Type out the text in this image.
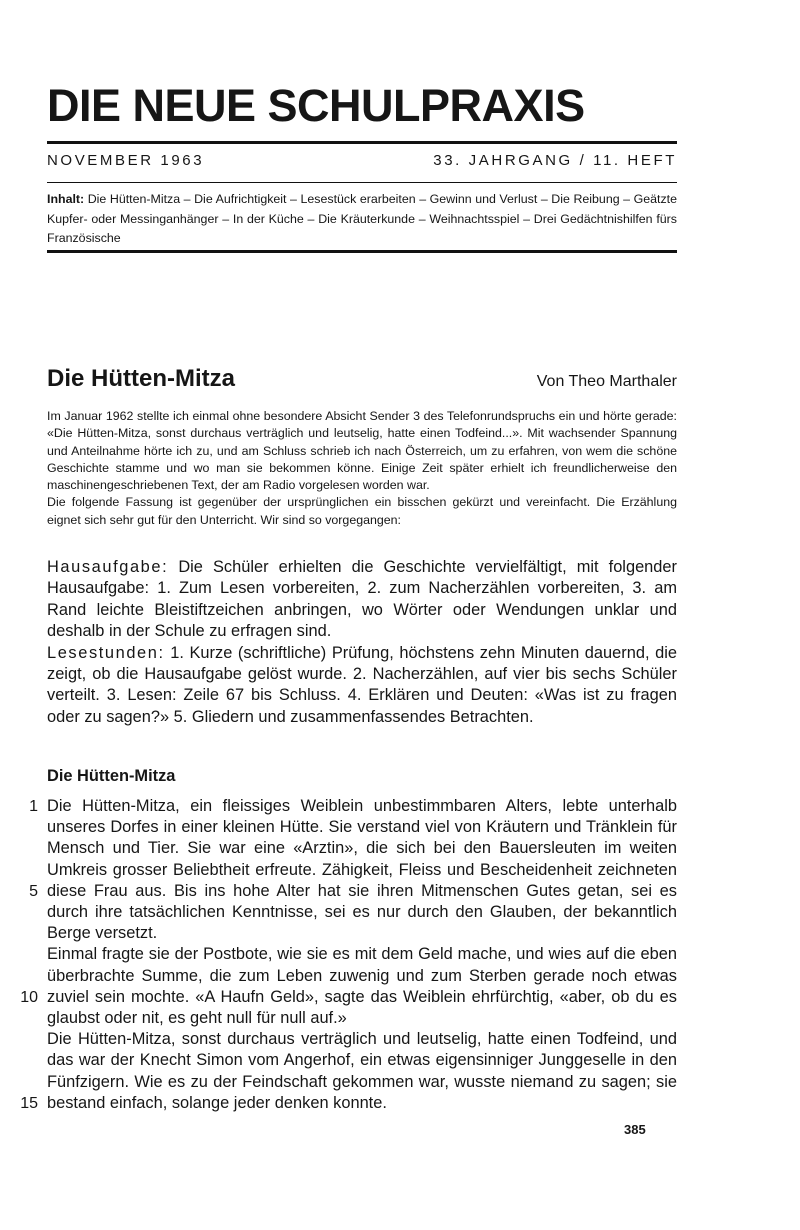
DIE NEUE SCHULPRAXIS
NOVEMBER 1963	33. JAHRGANG / 11. HEFT
Inhalt: Die Hütten-Mitza – Die Aufrichtigkeit – Lesestück erarbeiten – Gewinn und Verlust – Die Reibung – Geätzte Kupfer- oder Messinganhänger – In der Küche – Die Kräuterkunde – Weihnachtsspiel – Drei Gedächtnishilfen fürs Französische
Die Hütten-Mitza	Von Theo Marthaler

Im Januar 1962 stellte ich einmal ohne besondere Absicht Sender 3 des Telefonrundspruchs ein und hörte gerade: «Die Hütten-Mitza, sonst durchaus verträglich und leutselig, hatte einen Todfeind...». Mit wachsender Spannung und Anteilnahme hörte ich zu, und am Schluss schrieb ich nach Österreich, um zu erfahren, von wem die schöne Geschichte stamme und wo man sie bekommen könne. Einige Zeit später erhielt ich freundlicherweise den maschinengeschriebenen Text, der am Radio vorgelesen worden war.

Die folgende Fassung ist gegenüber der ursprünglichen ein bisschen gekürzt und vereinfacht. Die Erzählung eignet sich sehr gut für den Unterricht. Wir sind so vorgegangen:

Hausaufgabe: Die Schüler erhielten die Geschichte vervielfältigt, mit folgender Hausaufgabe: 1. Zum Lesen vorbereiten, 2. zum Nacherzählen vorbereiten, 3. am Rand leichte Bleistiftzeichen anbringen, wo Wörter oder Wendungen unklar und deshalb in der Schule zu erfragen sind.

Lesestunden: 1. Kurze (schriftliche) Prüfung, höchstens zehn Minuten dauernd, die zeigt, ob die Hausaufgabe gelöst wurde. 2. Nacherzählen, auf vier bis sechs Schüler verteilt. 3. Lesen: Zeile 67 bis Schluss. 4. Erklären und Deuten: «Was ist zu fragen oder zu sagen?» 5. Gliedern und zusammenfassendes Betrachten.

Die Hütten-Mitza

Die Hütten-Mitza, ein fleissiges Weiblein unbestimmbaren Alters, lebte unterhalb unseres Dorfes in einer kleinen Hütte. Sie verstand viel von Kräutern und Tränklein für Mensch und Tier. Sie war eine «Arztin», die sich bei den Bauersleuten im weiten Umkreis grosser Beliebtheit erfreute. Zähigkeit, Fleiss und Bescheidenheit zeichneten diese Frau aus. Bis ins hohe Alter hat sie ihren Mitmenschen Gutes getan, sei es durch ihre tatsächlichen Kenntnisse, sei es nur durch den Glauben, der bekanntlich Berge versetzt.

Einmal fragte sie der Postbote, wie sie es mit dem Geld mache, und wies auf die eben überbrachte Summe, die zum Leben zuwenig und zum Sterben gerade noch etwas zuviel sein mochte. «A Haufn Geld», sagte das Weiblein ehrfürchtig, «aber, ob du es glaubst oder nit, es geht null für null auf.»

Die Hütten-Mitza, sonst durchaus verträglich und leutselig, hatte einen Todfeind, und das war der Knecht Simon vom Angerhof, ein etwas eigensinniger Junggeselle in den Fünfzigern. Wie es zu der Feindschaft gekommen war, wusste niemand zu sagen; sie bestand einfach, solange jeder denken konnte.

1
5
10
15
385
